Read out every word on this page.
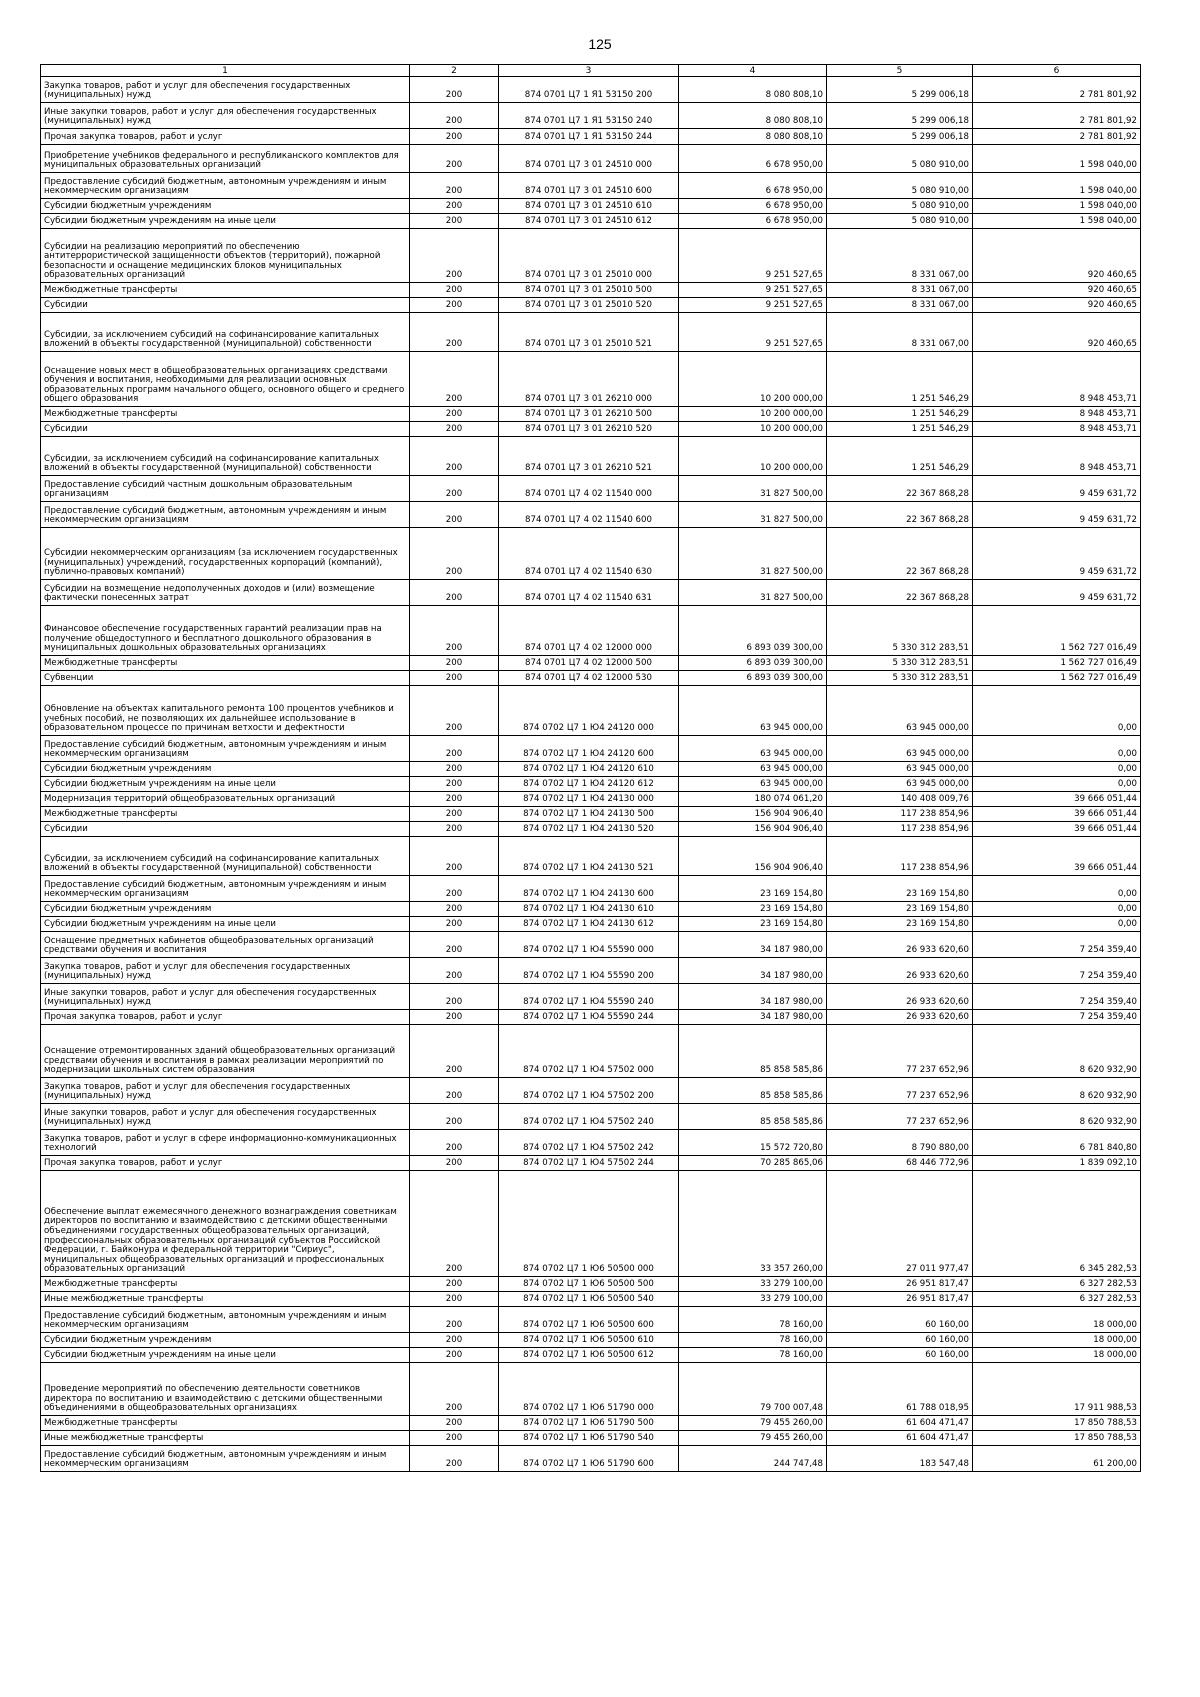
125
1	2	3	4	5	6
Закупка товаров, работ и услуг для обеспечения государственных (муниципальных) нужд	200	874 0701 Ц7 1 Я1 53150 200	8 080 808,10	5 299 006,18	2 781 801,92
Иные закупки товаров, работ и услуг для обеспечения государственных (муниципальных) нужд	200	874 0701 Ц7 1 Я1 53150 240	8 080 808,10	5 299 006,18	2 781 801,92
Прочая закупка товаров, работ и услуг	200	874 0701 Ц7 1 Я1 53150 244	8 080 808,10	5 299 006,18	2 781 801,92
Приобретение учебников федерального и республиканского комплектов для муниципальных образовательных организаций	200	874 0701 Ц7 3 01 24510 000	6 678 950,00	5 080 910,00	1 598 040,00
Предоставление субсидий бюджетным, автономным учреждениям и иным некоммерческим организациям	200	874 0701 Ц7 3 01 24510 600	6 678 950,00	5 080 910,00	1 598 040,00
Субсидии бюджетным учреждениям	200	874 0701 Ц7 3 01 24510 610	6 678 950,00	5 080 910,00	1 598 040,00
Субсидии бюджетным учреждениям на иные цели	200	874 0701 Ц7 3 01 24510 612	6 678 950,00	5 080 910,00	1 598 040,00
Субсидии на реализацию мероприятий по обеспечению антитеррористической защищенности объектов (территорий), пожарной безопасности и оснащение медицинских блоков муниципальных образовательных организаций	200	874 0701 Ц7 3 01 25010 000	9 251 527,65	8 331 067,00	920 460,65
Межбюджетные трансферты	200	874 0701 Ц7 3 01 25010 500	9 251 527,65	8 331 067,00	920 460,65
Субсидии	200	874 0701 Ц7 3 01 25010 520	9 251 527,65	8 331 067,00	920 460,65
Субсидии, за исключением субсидий на софинансирование капитальных вложений в объекты государственной (муниципальной) собственности	200	874 0701 Ц7 3 01 25010 521	9 251 527,65	8 331 067,00	920 460,65
Оснащение новых мест в общеобразовательных организациях средствами обучения и воспитания, необходимыми для реализации основных образовательных программ начального общего, основного общего и среднего общего образования	200	874 0701 Ц7 3 01 26210 000	10 200 000,00	1 251 546,29	8 948 453,71
Межбюджетные трансферты	200	874 0701 Ц7 3 01 26210 500	10 200 000,00	1 251 546,29	8 948 453,71
Субсидии	200	874 0701 Ц7 3 01 26210 520	10 200 000,00	1 251 546,29	8 948 453,71
Субсидии, за исключением субсидий на софинансирование капитальных вложений в объекты государственной (муниципальной) собственности	200	874 0701 Ц7 3 01 26210 521	10 200 000,00	1 251 546,29	8 948 453,71
Предоставление субсидий частным дошкольным образовательным организациям	200	874 0701 Ц7 4 02 11540 000	31 827 500,00	22 367 868,28	9 459 631,72
Предоставление субсидий бюджетным, автономным учреждениям и иным некоммерческим организациям	200	874 0701 Ц7 4 02 11540 600	31 827 500,00	22 367 868,28	9 459 631,72
Субсидии некоммерческим организациям (за исключением государственных (муниципальных) учреждений, государственных корпораций (компаний), публично-правовых компаний)	200	874 0701 Ц7 4 02 11540 630	31 827 500,00	22 367 868,28	9 459 631,72
Субсидии на возмещение недополученных доходов и (или) возмещение фактически понесенных затрат	200	874 0701 Ц7 4 02 11540 631	31 827 500,00	22 367 868,28	9 459 631,72
Финансовое обеспечение государственных гарантий реализации прав на получение общедоступного и бесплатного дошкольного образования в муниципальных дошкольных образовательных организациях	200	874 0701 Ц7 4 02 12000 000	6 893 039 300,00	5 330 312 283,51	1 562 727 016,49
Межбюджетные трансферты	200	874 0701 Ц7 4 02 12000 500	6 893 039 300,00	5 330 312 283,51	1 562 727 016,49
Субвенции	200	874 0701 Ц7 4 02 12000 530	6 893 039 300,00	5 330 312 283,51	1 562 727 016,49
Обновление на объектах капитального ремонта 100 процентов учебников и учебных пособий, не позволяющих их дальнейшее использование в образовательном процессе по причинам ветхости и дефектности	200	874 0702 Ц7 1 Ю4 24120 000	63 945 000,00	63 945 000,00	0,00
Предоставление субсидий бюджетным, автономным учреждениям и иным некоммерческим организациям	200	874 0702 Ц7 1 Ю4 24120 600	63 945 000,00	63 945 000,00	0,00
Субсидии бюджетным учреждениям	200	874 0702 Ц7 1 Ю4 24120 610	63 945 000,00	63 945 000,00	0,00
Субсидии бюджетным учреждениям на иные цели	200	874 0702 Ц7 1 Ю4 24120 612	63 945 000,00	63 945 000,00	0,00
Модернизация территорий общеобразовательных организаций	200	874 0702 Ц7 1 Ю4 24130 000	180 074 061,20	140 408 009,76	39 666 051,44
Межбюджетные трансферты	200	874 0702 Ц7 1 Ю4 24130 500	156 904 906,40	117 238 854,96	39 666 051,44
Субсидии	200	874 0702 Ц7 1 Ю4 24130 520	156 904 906,40	117 238 854,96	39 666 051,44
Субсидии, за исключением субсидий на софинансирование капитальных вложений в объекты государственной (муниципальной) собственности	200	874 0702 Ц7 1 Ю4 24130 521	156 904 906,40	117 238 854,96	39 666 051,44
Предоставление субсидий бюджетным, автономным учреждениям и иным некоммерческим организациям	200	874 0702 Ц7 1 Ю4 24130 600	23 169 154,80	23 169 154,80	0,00
Субсидии бюджетным учреждениям	200	874 0702 Ц7 1 Ю4 24130 610	23 169 154,80	23 169 154,80	0,00
Субсидии бюджетным учреждениям на иные цели	200	874 0702 Ц7 1 Ю4 24130 612	23 169 154,80	23 169 154,80	0,00
Оснащение предметных кабинетов общеобразовательных организаций средствами обучения и воспитания	200	874 0702 Ц7 1 Ю4 55590 000	34 187 980,00	26 933 620,60	7 254 359,40
Закупка товаров, работ и услуг для обеспечения государственных (муниципальных) нужд	200	874 0702 Ц7 1 Ю4 55590 200	34 187 980,00	26 933 620,60	7 254 359,40
Иные закупки товаров, работ и услуг для обеспечения государственных (муниципальных) нужд	200	874 0702 Ц7 1 Ю4 55590 240	34 187 980,00	26 933 620,60	7 254 359,40
Прочая закупка товаров, работ и услуг	200	874 0702 Ц7 1 Ю4 55590 244	34 187 980,00	26 933 620,60	7 254 359,40
Оснащение отремонтированных зданий общеобразовательных организаций средствами обучения и воспитания в рамках реализации мероприятий по модернизации школьных систем образования	200	874 0702 Ц7 1 Ю4 57502 000	85 858 585,86	77 237 652,96	8 620 932,90
Закупка товаров, работ и услуг для обеспечения государственных (муниципальных) нужд	200	874 0702 Ц7 1 Ю4 57502 200	85 858 585,86	77 237 652,96	8 620 932,90
Иные закупки товаров, работ и услуг для обеспечения государственных (муниципальных) нужд	200	874 0702 Ц7 1 Ю4 57502 240	85 858 585,86	77 237 652,96	8 620 932,90
Закупка товаров, работ и услуг в сфере информационно-коммуникационных технологий	200	874 0702 Ц7 1 Ю4 57502 242	15 572 720,80	8 790 880,00	6 781 840,80
Прочая закупка товаров, работ и услуг	200	874 0702 Ц7 1 Ю4 57502 244	70 285 865,06	68 446 772,96	1 839 092,10
Обеспечение выплат ежемесячного денежного вознаграждения советникам директоров по воспитанию и взаимодействию с детскими общественными объединениями государственных общеобразовательных организаций, профессиональных образовательных организаций субъектов Российской Федерации, г. Байконура и федеральной территории "Сириус", муниципальных общеобразовательных организаций и профессиональных образовательных организаций	200	874 0702 Ц7 1 Ю6 50500 000	33 357 260,00	27 011 977,47	6 345 282,53
Межбюджетные трансферты	200	874 0702 Ц7 1 Ю6 50500 500	33 279 100,00	26 951 817,47	6 327 282,53
Иные межбюджетные трансферты	200	874 0702 Ц7 1 Ю6 50500 540	33 279 100,00	26 951 817,47	6 327 282,53
Предоставление субсидий бюджетным, автономным учреждениям и иным некоммерческим организациям	200	874 0702 Ц7 1 Ю6 50500 600	78 160,00	60 160,00	18 000,00
Субсидии бюджетным учреждениям	200	874 0702 Ц7 1 Ю6 50500 610	78 160,00	60 160,00	18 000,00
Субсидии бюджетным учреждениям на иные цели	200	874 0702 Ц7 1 Ю6 50500 612	78 160,00	60 160,00	18 000,00
Проведение мероприятий по обеспечению деятельности советников директора по воспитанию и взаимодействию с детскими общественными объединениями в общеобразовательных организациях	200	874 0702 Ц7 1 Ю6 51790 000	79 700 007,48	61 788 018,95	17 911 988,53
Межбюджетные трансферты	200	874 0702 Ц7 1 Ю6 51790 500	79 455 260,00	61 604 471,47	17 850 788,53
Иные межбюджетные трансферты	200	874 0702 Ц7 1 Ю6 51790 540	79 455 260,00	61 604 471,47	17 850 788,53
Предоставление субсидий бюджетным, автономным учреждениям и иным некоммерческим организациям	200	874 0702 Ц7 1 Ю6 51790 600	244 747,48	183 547,48	61 200,00
